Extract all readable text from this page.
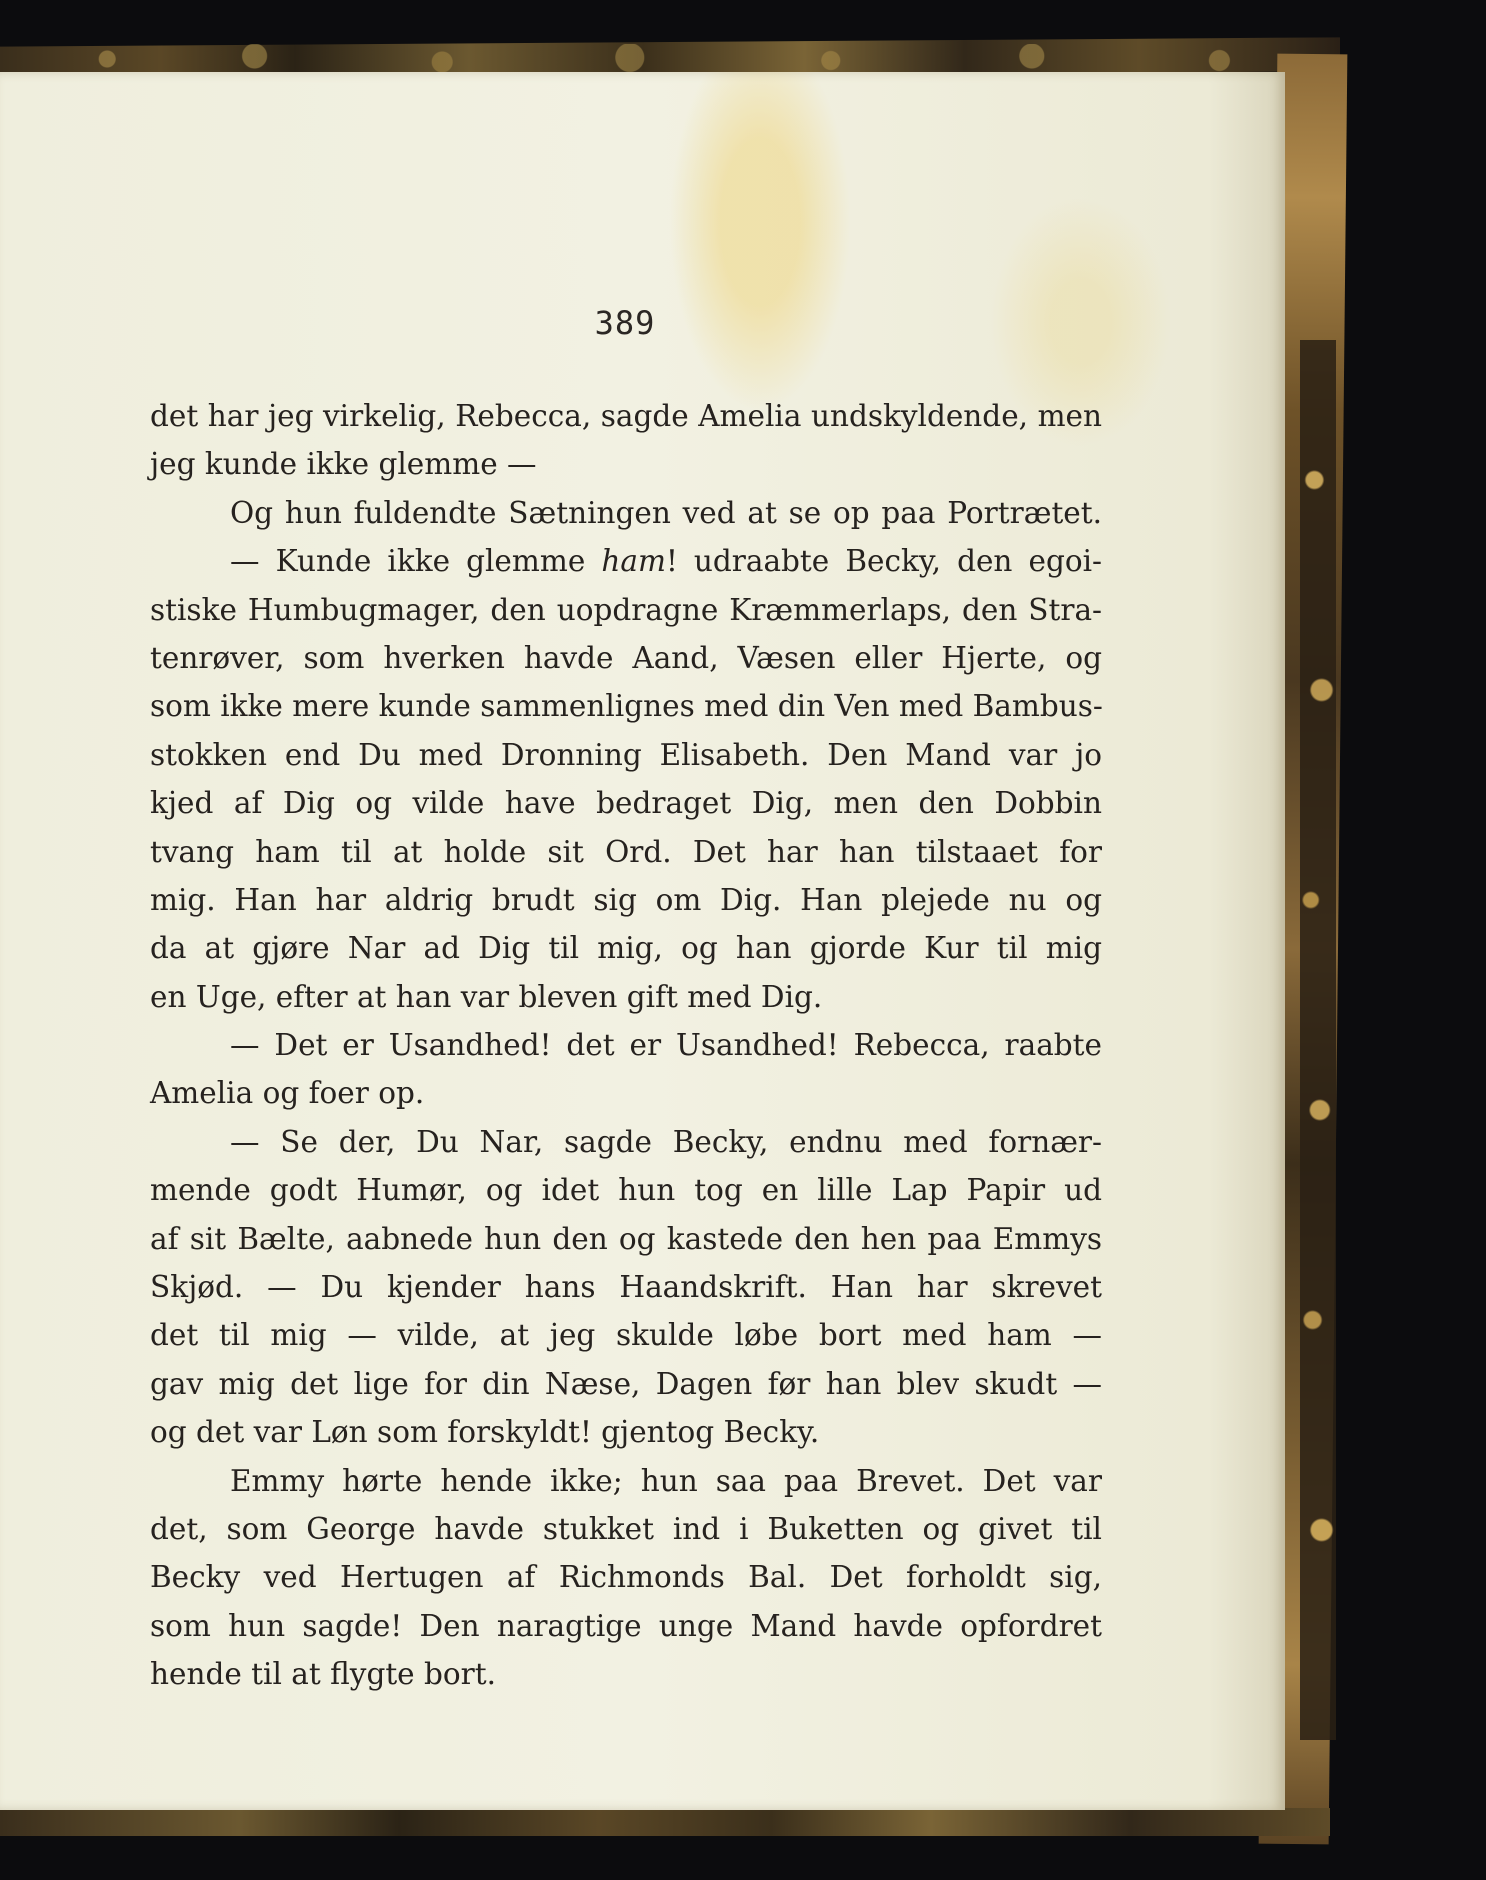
389
det har jeg virkelig, Rebecca, sagde Amelia undskyldende, men
jeg kunde ikke glemme —
Og hun fuldendte Sætningen ved at se op paa Portrætet.
— Kunde ikke glemme ham! udraabte Becky, den egoi-
stiske Humbugmager, den uopdragne Kræmmerlaps, den Stra-
tenrøver, som hverken havde Aand, Væsen eller Hjerte, og
som ikke mere kunde sammenlignes med din Ven med Bambus-
stokken end Du med Dronning Elisabeth. Den Mand var jo
kjed af Dig og vilde have bedraget Dig, men den Dobbin
tvang ham til at holde sit Ord. Det har han tilstaaet for
mig. Han har aldrig brudt sig om Dig. Han plejede nu og
da at gjøre Nar ad Dig til mig, og han gjorde Kur til mig
en Uge, efter at han var bleven gift med Dig.
— Det er Usandhed! det er Usandhed! Rebecca, raabte
Amelia og foer op.
— Se der, Du Nar, sagde Becky, endnu med fornær-
mende godt Humør, og idet hun tog en lille Lap Papir ud
af sit Bælte, aabnede hun den og kastede den hen paa Emmys
Skjød. — Du kjender hans Haandskrift. Han har skrevet
det til mig — vilde, at jeg skulde løbe bort med ham —
gav mig det lige for din Næse, Dagen før han blev skudt —
og det var Løn som forskyldt! gjentog Becky.
Emmy hørte hende ikke; hun saa paa Brevet. Det var
det, som George havde stukket ind i Buketten og givet til
Becky ved Hertugen af Richmonds Bal. Det forholdt sig,
som hun sagde! Den naragtige unge Mand havde opfordret
hende til at flygte bort.
